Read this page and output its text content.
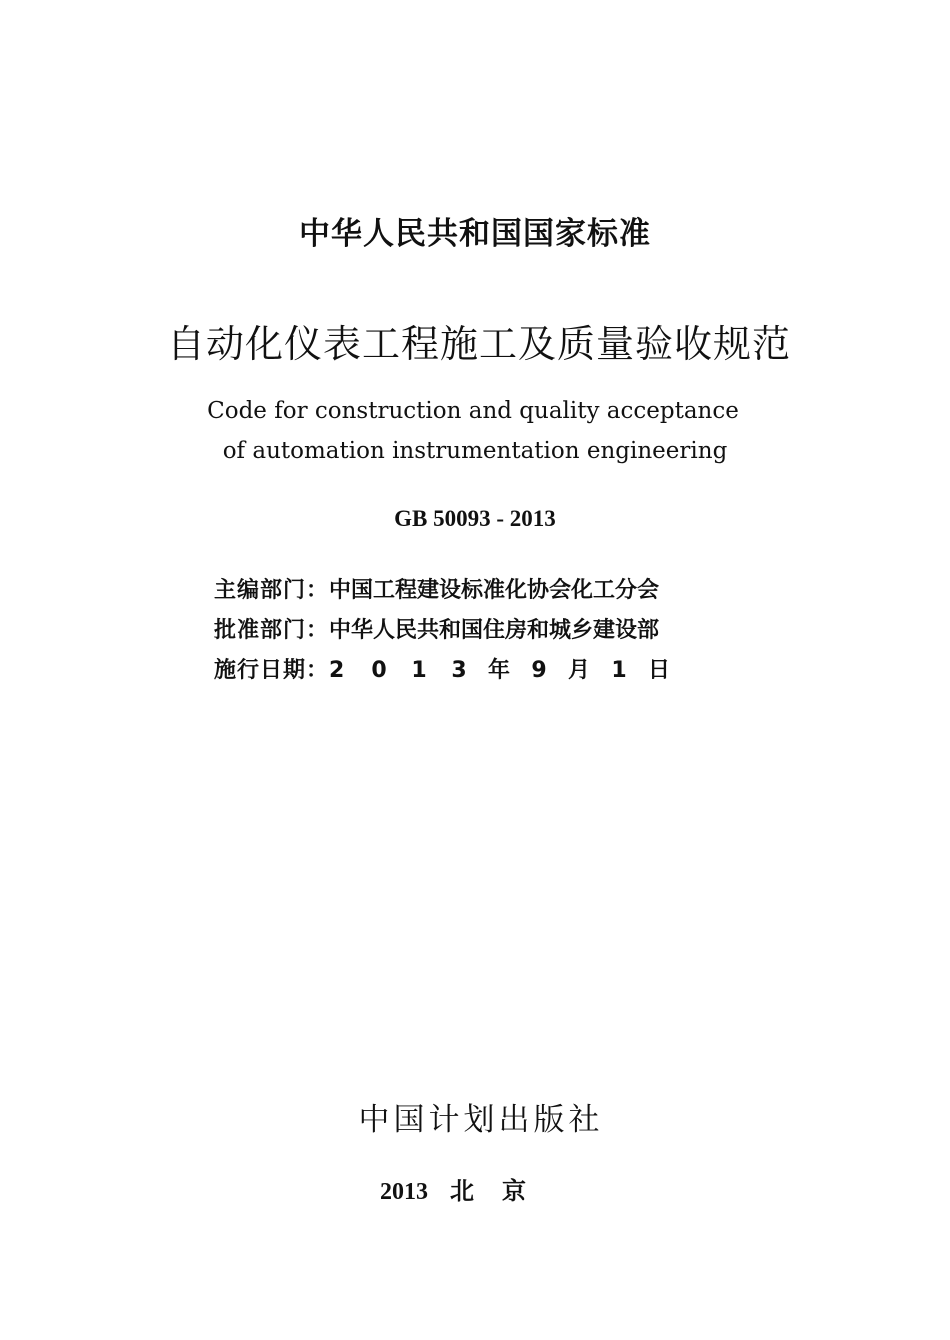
中华人民共和国国家标准
自动化仪表工程施工及质量验收规范
Code for construction and quality acceptance
of automation instrumentation engineering
GB 50093 - 2013
主编部门：中国工程建设标准化协会化工分会
批准部门：中华人民共和国住房和城乡建设部
施行日期：2 0 1 3 年 9 月 1 日
中国计划出版社
2013 北京
